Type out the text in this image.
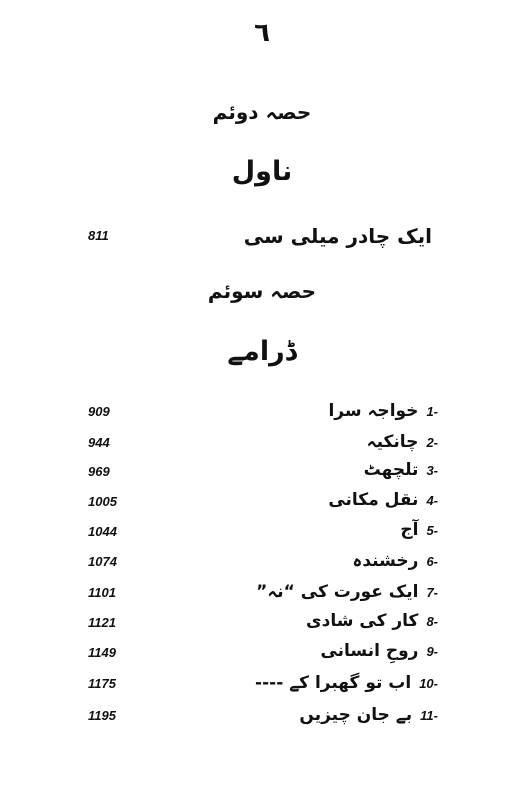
٦
حصہ دوئم
ناول
811	ایک چادر میلی سی
حصہ سوئم
ڈرامے
909	1-خواجہ سرا
944	2-چانکیہ
969	3-تلچھٹ
1005	4-نقل مکانی
1044	5-آج
1074	6-رخشندہ
1101	7-ایک عورت کی “نہ”
1121	8-کار کی شادی
1149	9-روحِ انسانی
1175	10-اب تو گھبرا کے ----
1195	11-بے جان چیزیں
